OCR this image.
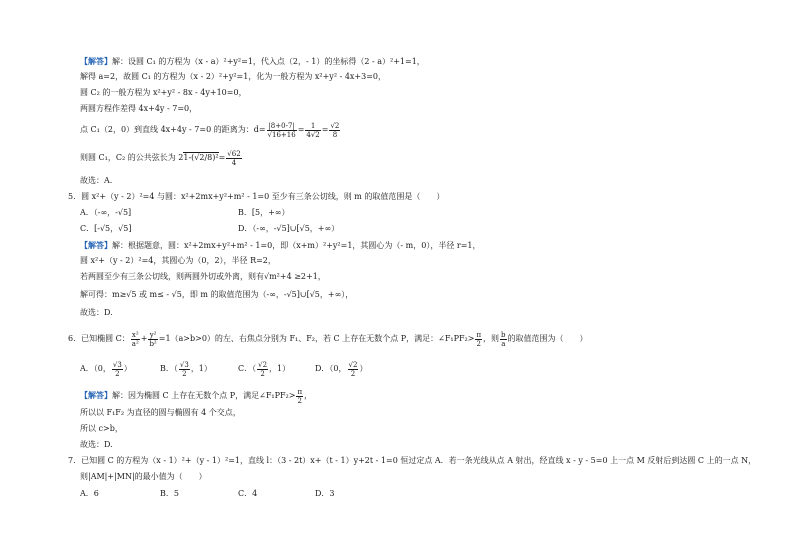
【解答】解：设圆 C₁ 的方程为（x - a）²+y²=1，代入点（2，- 1）的坐标得（2 - a）²+1=1，
解得 a=2，故圆 C₁ 的方程为（x - 2）²+y²=1，化为一般方程为 x²+y² - 4x+3=0，
圆 C₂ 的一般方程为 x²+y² - 8x - 4y+10=0，
两圆方程作差得 4x+4y - 7=0，
点 C₁（2，0）到直线 4x+4y - 7=0 的距离为：$d= \frac{|8+0-7|}{√16+16} = \frac{1}{4√2} = \frac{√2}{8}$
则圆 C₁，C₂ 的公共弦长为 $21-(√2/8)^2= \frac{√62}{4}$
故选：A.
5．圆 x²+（y - 2）²=4 与圆：x²+2mx+y²+m² - 1=0 至少有三条公切线，则 m 的取值范围是（　　）
A．（-∞，-√5]	B．[5，+∞）
C．[-√5，√5]	D．（-∞，-√5]∪[√5，+∞）
【解答】解：根据题意，圆：x²+2mx+y²+m² - 1=0，即（x+m）²+y²=1，其圆心为（- m，0），半径 r=1，
圆 x²+（y - 2）²=4，其圆心为（0，2），半径 R=2，
若两圆至少有三条公切线，则两圆外切或外离，则有√m²+4 ≥2+1，
解可得：m≥√5 或 m≤ - √5，即 m 的取值范围为（-∞，-√5]∪[√5，+∞），
故选：D.
6．已知椭圆 C： $\frac{\text{x²}}{\text{a²}} + \frac{\text{y²}}{\text{b²}} =1(a>b>0)$的左、右焦点分别为 F₁、F₂，若 C 上存在无数个点 P，满足：∠F₁PF₂> $\frac{\pi}{2}$ ，则 $\frac{b}{a}$ 的取值范围为（　　）
A．（0， $\frac{√3}{2}$ ）	B．（ $\frac{√3}{2}$ ，1）	C．（ $\frac{√2}{2}$ ，1）	D．（0， $\frac{√2}{2}$ ）
【解答】解：因为椭圆 C 上存在无数个点 P，满足∠F₁PF₂> $\frac{\pi}{2}$ ，
所以以 F₁F₂ 为直径的圆与椭圆有 4 个交点，
所以 c>b，
故选：D.
7．已知圆 C 的方程为（x - 1）²+（y - 1）²=1，直线 l：（3 - 2t）x+（t - 1）y+2t - 1=0 恒过定点 A．若一条光线从点 A 射出，经直线 x - y - 5=0 上一点 M 反射后到达圆 C 上的一点 N，
则|AM|+|MN|的最小值为（　　）
A．6	B．5	C．4	D．3
